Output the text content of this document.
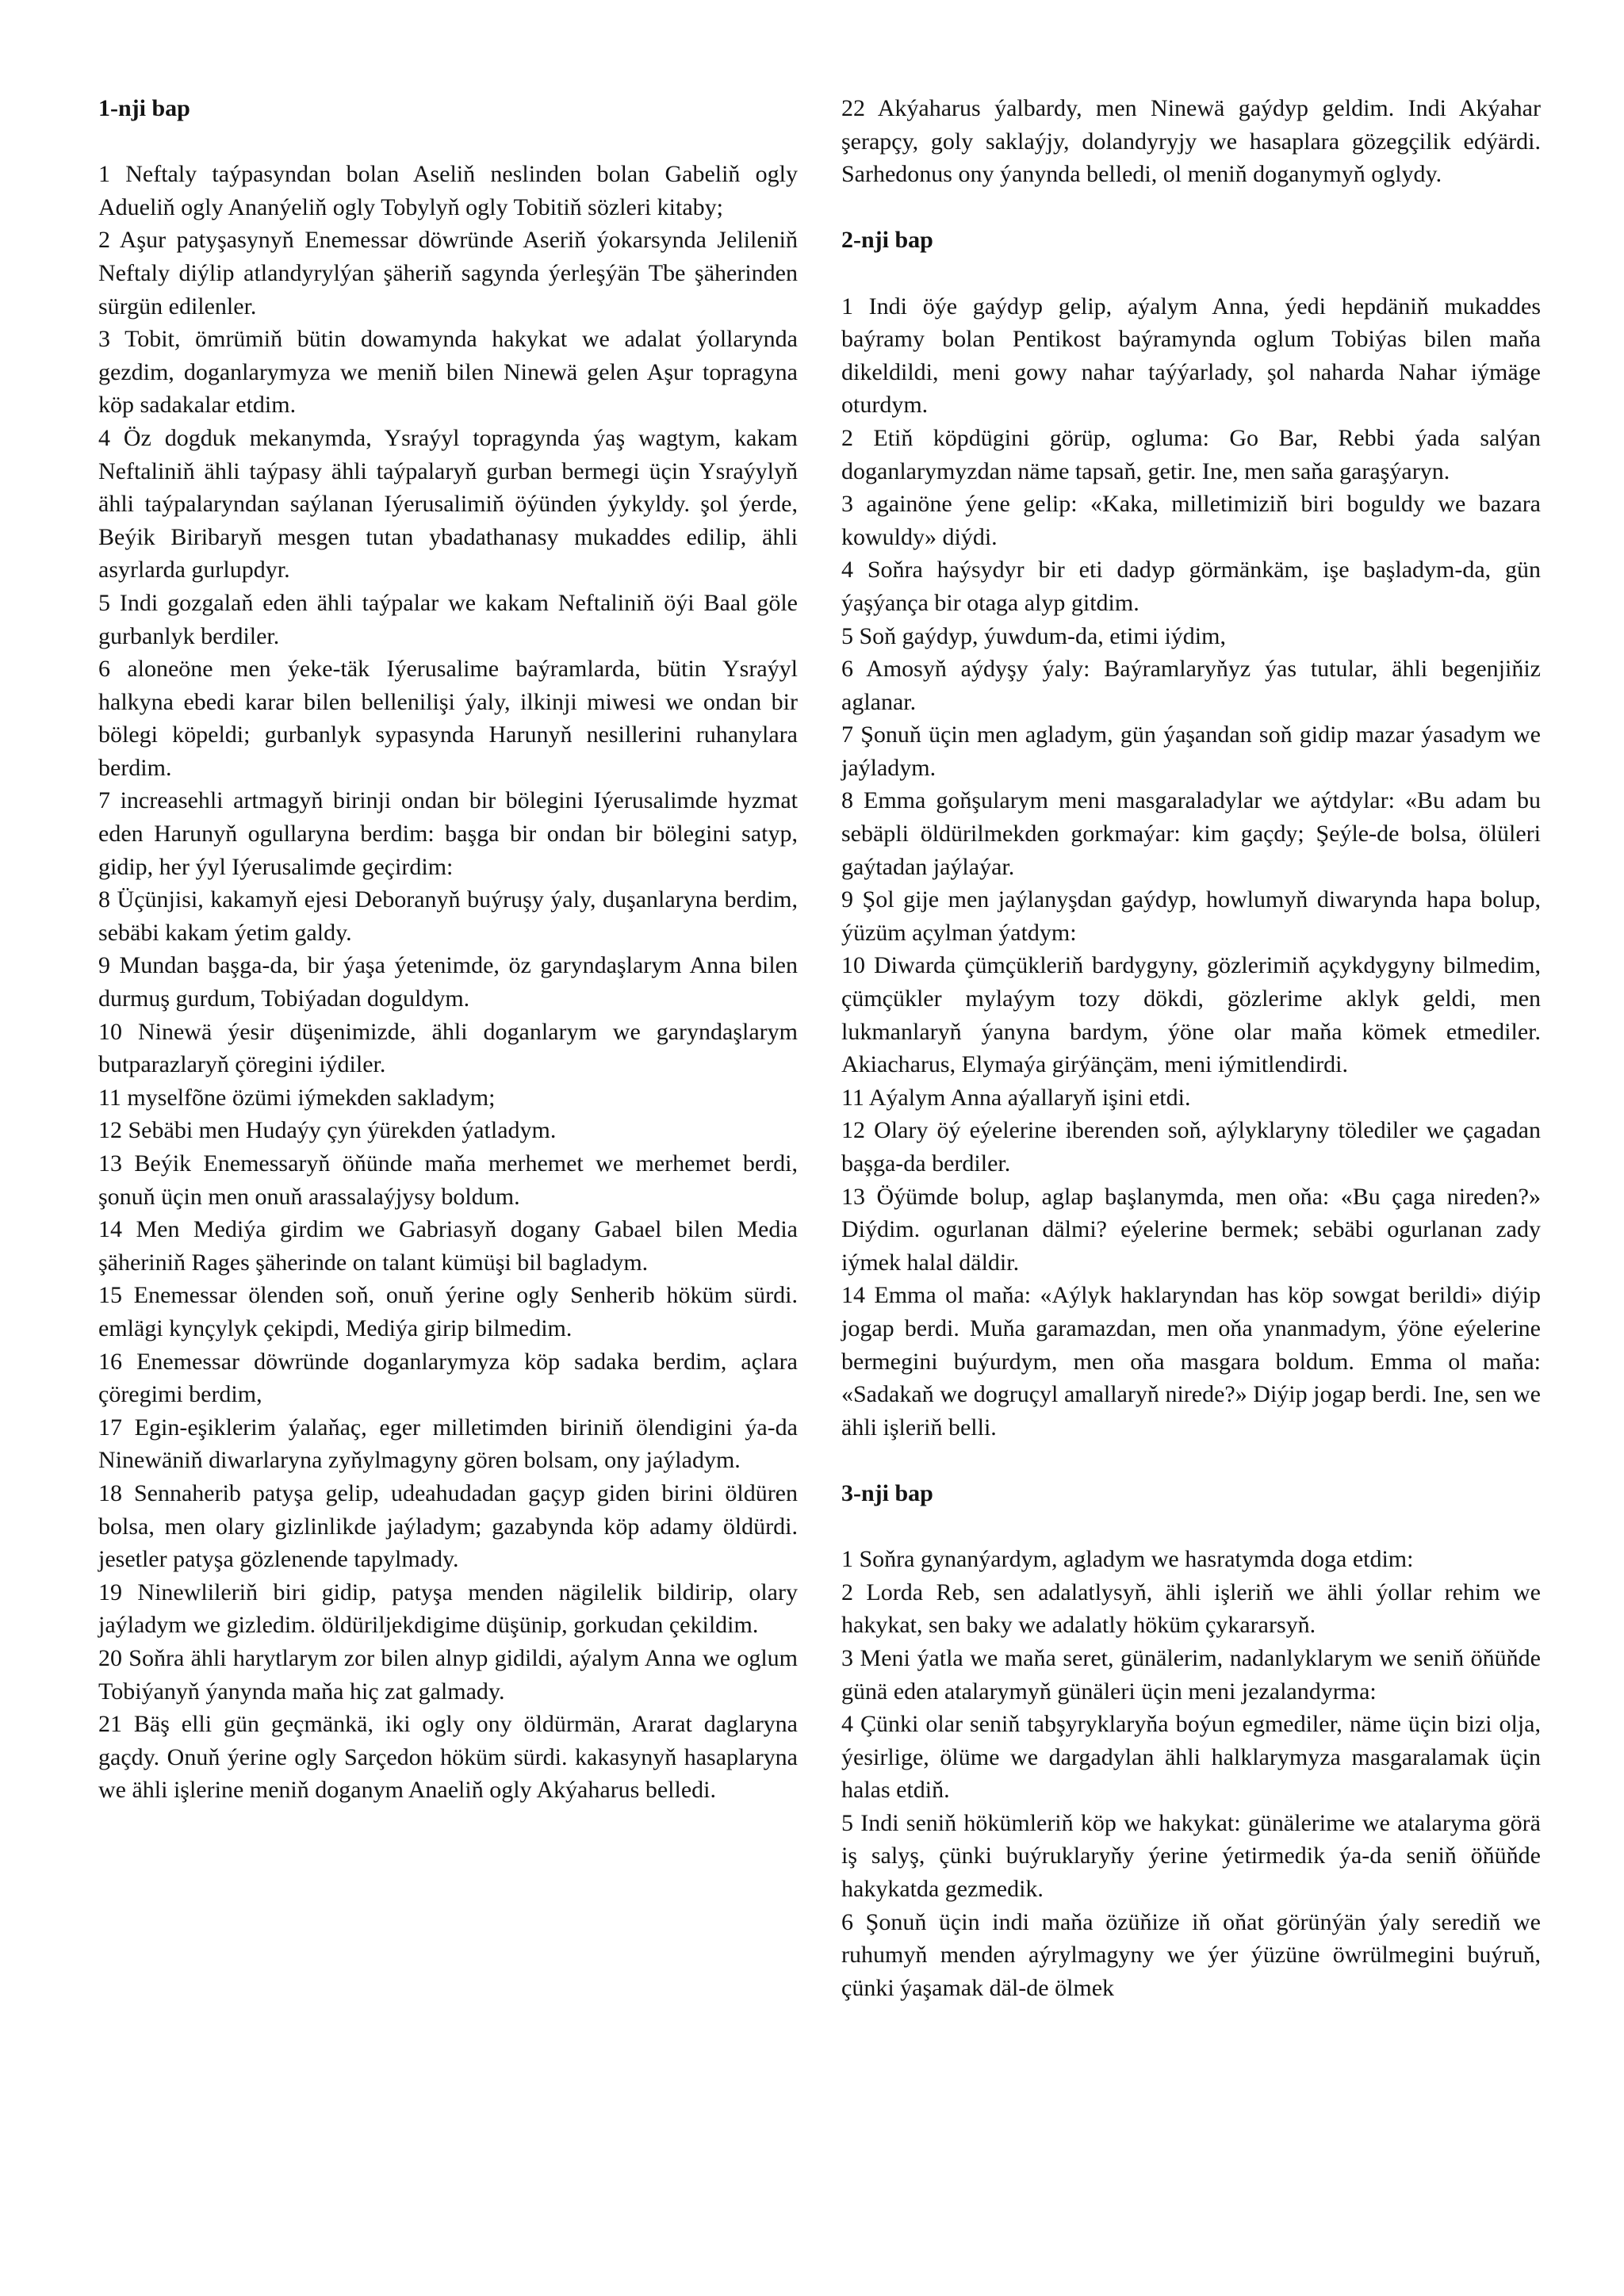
1-nji bap

1 Neftaly taýpasyndan bolan Aseliň neslinden bolan Gabeliň ogly Adueliň ogly Ananýeliň ogly Tobylyň ogly Tobitiň sözleri kitaby;

2 Aşur patyşasynyň Enemessar döwründe Aseriň ýokarsynda Jelileniň Neftaly diýlip atlandyrylýan şäheriň sagynda ýerleşýän Tbe şäherinden sürgün edilenler.

3 Tobit, ömrümiň bütin dowamynda hakykat we adalat ýollarynda gezdim, doganlarymyza we meniň bilen Ninewä gelen Aşur topragyna köp sadakalar etdim.

4 Öz dogduk mekanymda, Ysraýyl topragynda ýaş wagtym, kakam Neftaliniň ähli taýpasy ähli taýpalaryň gurban bermegi üçin Ysraýylyň ähli taýpalaryndan saýlanan Iýerusalimiň öýünden ýykyldy. şol ýerde, Beýik Biribaryň mesgen tutan ybadathanasy mukaddes edilip, ähli asyrlarda gurlupdyr.

5 Indi gozgalaň eden ähli taýpalar we kakam Neftaliniň öýi Baal göle gurbanlyk berdiler.

6 aloneöne men ýeke-täk Iýerusalime baýramlarda, bütin Ysraýyl halkyna ebedi karar bilen bellenilişi ýaly, ilkinji miwesi we ondan bir bölegi köpeldi; gurbanlyk sypasynda Harunyň nesillerini ruhanylara berdim.

7 increasehli artmagyň birinji ondan bir bölegini Iýerusalimde hyzmat eden Harunyň ogullaryna berdim: başga bir ondan bir bölegini satyp, gidip, her ýyl Iýerusalimde geçirdim:

8 Üçünjisi, kakamyň ejesi Deboranyň buýruşy ýaly, duşanlaryna berdim, sebäbi kakam ýetim galdy.

9 Mundan başga-da, bir ýaşa ýetenimde, öz garyndaşlarym Anna bilen durmuş gurdum, Tobiýadan doguldym.

10 Ninewä ýesir düşenimizde, ähli doganlarym we garyndaşlarym butparazlaryň çöregini iýdiler.

11 myselfõne özümi iýmekden sakladym;

12 Sebäbi men Hudaýy çyn ýürekden ýatladym.

13 Beýik Enemessaryň öňünde maňa merhemet we merhemet berdi, şonuň üçin men onuň arassalaýjysy boldum.

14 Men Mediýa girdim we Gabriasyň dogany Gabael bilen Media şäheriniň Rages şäherinde on talant kümüşi bil bagladym.

15 Enemessar ölenden soň, onuň ýerine ogly Senherib höküm sürdi. emlägi kynçylyk çekipdi, Mediýa girip bilmedim.

16 Enemessar döwründe doganlarymyza köp sadaka berdim, açlara çöregimi berdim,

17 Egin-eşiklerim ýalaňaç, eger milletimden biriniň ölendigini ýa-da Ninewäniň diwarlaryna zyňylmagyny gören bolsam, ony jaýladym.

18 Sennaherib patyşa gelip, udeahudadan gaçyp giden birini öldüren bolsa, men olary gizlinlikde jaýladym; gazabynda köp adamy öldürdi. jesetler patyşa gözlenende tapylmady.

19 Ninewlileriň biri gidip, patyşa menden nägilelik bildirip, olary jaýladym we gizledim. öldüriljekdigime düşünip, gorkudan çekildim.

20 Soňra ähli harytlarym zor bilen alnyp gidildi, aýalym Anna we oglum Tobiýanyň ýanynda maňa hiç zat galmady.

21 Bäş elli gün geçmänkä, iki ogly ony öldürmän, Ararat daglaryna gaçdy. Onuň ýerine ogly Sarçedon höküm sürdi. kakasynyň hasaplaryna we ähli işlerine meniň doganym Anaeliň ogly Akýaharus belledi.

22 Akýaharus ýalbardy, men Ninewä gaýdyp geldim. Indi Akýahar şerapçy, goly saklaýjy, dolandyryjy we hasaplara gözegçilik edýärdi. Sarhedonus ony ýanynda belledi, ol meniň doganymyň oglydy.

2-nji bap

1 Indi öýe gaýdyp gelip, aýalym Anna, ýedi hepdäniň mukaddes baýramy bolan Pentikost baýramynda oglum Tobiýas bilen maňa dikeldildi, meni gowy nahar taýýarlady, şol naharda Nahar iýmäge oturdym.

2 Etiň köpdügini görüp, ogluma: Go Bar, Rebbi ýada salýan doganlarymyzdan näme tapsaň, getir. Ine, men saňa garaşýaryn.

3 againöne ýene gelip: «Kaka, milletimiziň biri boguldy we bazara kowuldy» diýdi.

4 Soňra haýsydyr bir eti dadyp görmänkäm, işe başladym-da, gün ýaşýança bir otaga alyp gitdim.

5 Soň gaýdyp, ýuwdum-da, etimi iýdim,

6 Amosyň aýdyşy ýaly: Baýramlaryňyz ýas tutular, ähli begenjiňiz aglanar.

7 Şonuň üçin men agladym, gün ýaşandan soň gidip mazar ýasadym we jaýladym.

8 Emma goňşularym meni masgaraladylar we aýtdylar: «Bu adam bu sebäpli öldürilmekden gorkmaýar: kim gaçdy; Şeýle-de bolsa, ölüleri gaýtadan jaýlaýar.

9 Şol gije men jaýlanyşdan gaýdyp, howlumyň diwarynda hapa bolup, ýüzüm açylman ýatdym:

10 Diwarda çümçükleriň bardygyny, gözlerimiň açykdygyny bilmedim, çümçükler mylaýym tozy dökdi, gözlerime aklyk geldi, men lukmanlaryň ýanyna bardym, ýöne olar maňa kömek etmediler. Akiacharus, Elymaýa girýänçäm, meni iýmitlendirdi.

11 Aýalym Anna aýallaryň işini etdi.

12 Olary öý eýelerine iberenden soň, aýlyklaryny tölediler we çagadan başga-da berdiler.

13 Öýümde bolup, aglap başlanymda, men oňa: «Bu çaga nireden?» Diýdim. ogurlanan dälmi? eýelerine bermek; sebäbi ogurlanan zady iýmek halal däldir.

14 Emma ol maňa: «Aýlyk haklaryndan has köp sowgat berildi» diýip jogap berdi. Muňa garamazdan, men oňa ynanmadym, ýöne eýelerine bermegini buýurdym, men oňa masgara boldum. Emma ol maňa: «Sadakaň we dogruçyl amallaryň nirede?» Diýip jogap berdi. Ine, sen we ähli işleriň belli.

3-nji bap

1 Soňra gynanýardym, agladym we hasratymda doga etdim:

2 Lorda Reb, sen adalatlysyň, ähli işleriň we ähli ýollar rehim we hakykat, sen baky we adalatly höküm çykararsyň.

3 Meni ýatla we maňa seret, günälerim, nadanlyklarym we seniň öňüňde günä eden atalarymyň günäleri üçin meni jezalandyrma:

4 Çünki olar seniň tabşyryklaryňa boýun egmediler, näme üçin bizi olja, ýesirlige, ölüme we dargadylan ähli halklarymyza masgaralamak üçin halas etdiň.

5 Indi seniň hökümleriň köp we hakykat: günälerime we atalaryma görä iş salyş, çünki buýruklaryňy ýerine ýetirmedik ýa-da seniň öňüňde hakykatda gezmedik.

6 Şonuň üçin indi maňa özüňize iň oňat görünýän ýaly serediň we ruhumyň menden aýrylmagyny we ýer ýüzüne öwrülmegini buýruň, çünki ýaşamak däl-de ölmek
